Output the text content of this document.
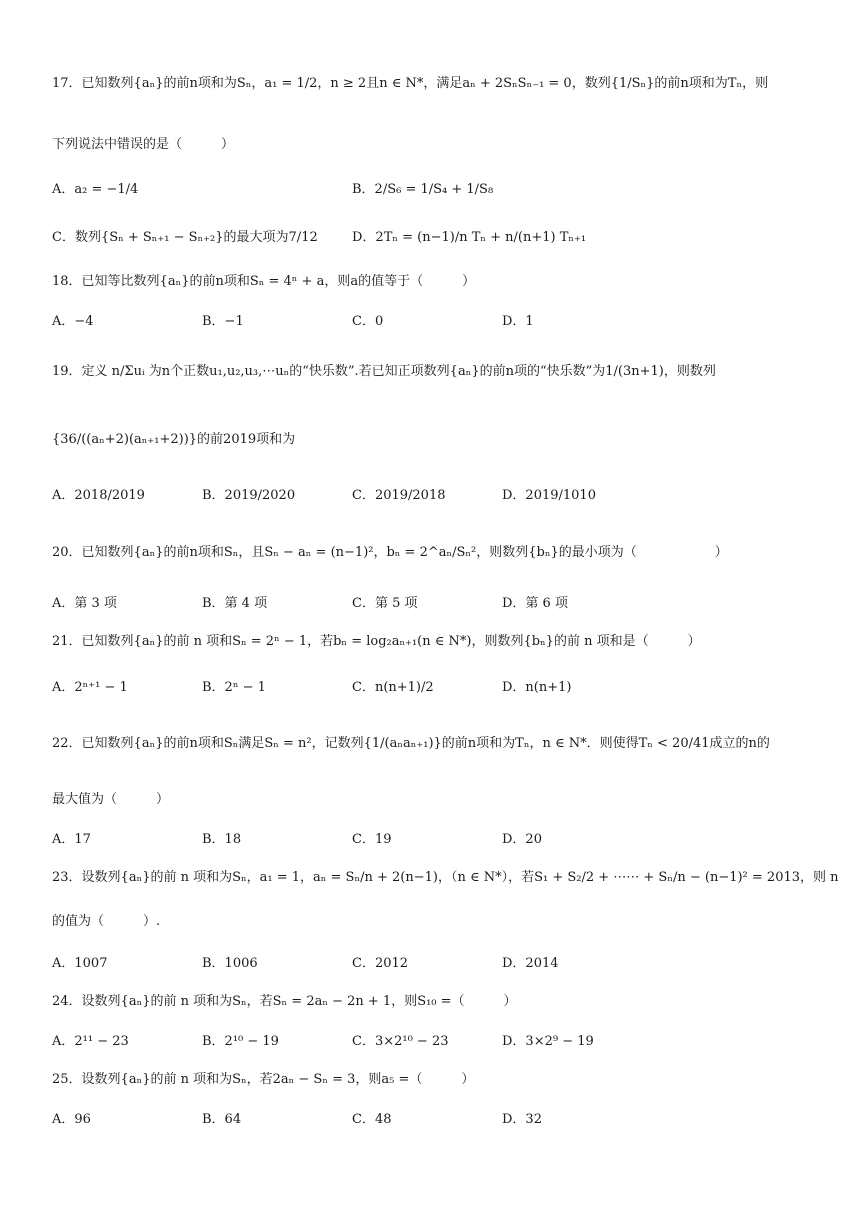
17．已知数列{aₙ}的前n项和为Sₙ，a₁ = 1/2，n ≥ 2且n ∈ N*，满足aₙ + 2SₙSₙ₋₁ = 0，数列{1/Sₙ}的前n项和为Tₙ，则
下列说法中错误的是（　　　）
A．a₂ = −1/4	B．2/S₆ = 1/S₄ + 1/S₈
C．数列{Sₙ + Sₙ₊₁ − Sₙ₊₂}的最大项为7/12	D．2Tₙ = (n−1)/n Tₙ + n/(n+1) Tₙ₊₁
18．已知等比数列{aₙ}的前n项和Sₙ = 4ⁿ + a，则a的值等于（　　　）
A．−4	B．−1	C．0	D．1
19．定义 n/Σuᵢ 为n个正数u₁,u₂,u₃,⋯uₙ的“快乐数”.若已知正项数列{aₙ}的前n项的“快乐数”为1/(3n+1)，则数列
{36/((aₙ+2)(aₙ₊₁+2))}的前2019项和为
A．2018/2019	B．2019/2020	C．2019/2018	D．2019/1010
20．已知数列{aₙ}的前n项和Sₙ，且Sₙ − aₙ = (n−1)²，bₙ = 2^aₙ/Sₙ²，则数列{bₙ}的最小项为（　　　　　　）
A．第 3 项	B．第 4 项	C．第 5 项	D．第 6 项
21．已知数列{aₙ}的前 n 项和Sₙ = 2ⁿ − 1，若bₙ = log₂aₙ₊₁(n ∈ N*)，则数列{bₙ}的前 n 项和是（　　　）
A．2ⁿ⁺¹ − 1	B．2ⁿ − 1	C．n(n+1)/2	D．n(n+1)
22．已知数列{aₙ}的前n项和Sₙ满足Sₙ = n²，记数列{1/(aₙaₙ₊₁)}的前n项和为Tₙ，n ∈ N*．则使得Tₙ < 20/41成立的n的
最大值为（　　　）
A．17	B．18	C．19	D．20
23．设数列{aₙ}的前 n 项和为Sₙ，a₁ = 1，aₙ = Sₙ/n + 2(n−1)，（n ∈ N*），若S₁ + S₂/2 + ⋯⋯ + Sₙ/n − (n−1)² = 2013，则 n
的值为（　　　）.
A．1007	B．1006	C．2012	D．2014
24．设数列{aₙ}的前 n 项和为Sₙ，若Sₙ = 2aₙ − 2n + 1，则S₁₀ =（　　　）
A．2¹¹ − 23	B．2¹⁰ − 19	C．3×2¹⁰ − 23	D．3×2⁹ − 19
25．设数列{aₙ}的前 n 项和为Sₙ，若2aₙ − Sₙ = 3，则a₅ =（　　　）
A．96	B．64	C．48	D．32
